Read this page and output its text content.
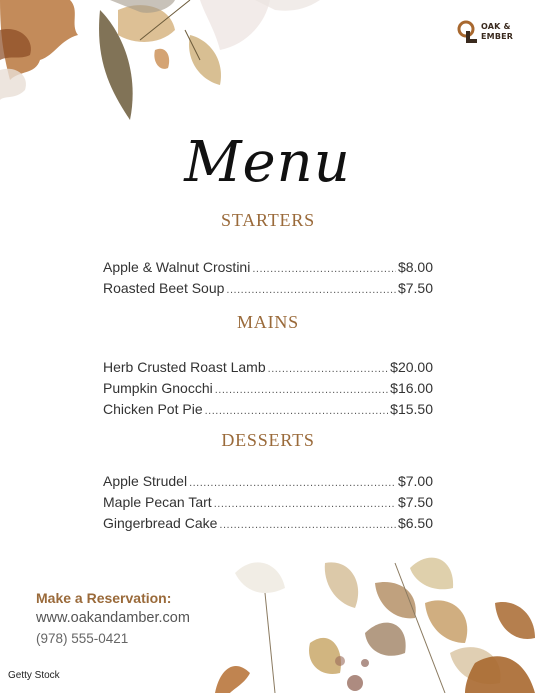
OAK &
EMBER
Menu
STARTERS
Apple & Walnut Crostini .....	$8.00
Roasted Beet Soup .....	$7.50
MAINS
Herb Crusted Roast Lamb .....	$20.00
Pumpkin Gnocchi .....	$16.00
Chicken Pot Pie .....	$15.50
DESSERTS
Apple Strudel .....	$7.00
Maple Pecan Tart .....	$7.50
Gingerbread Cake .....	$6.50
Make a Reservation:
www.oakandamber.com
(978) 555-0421
Getty Stock
